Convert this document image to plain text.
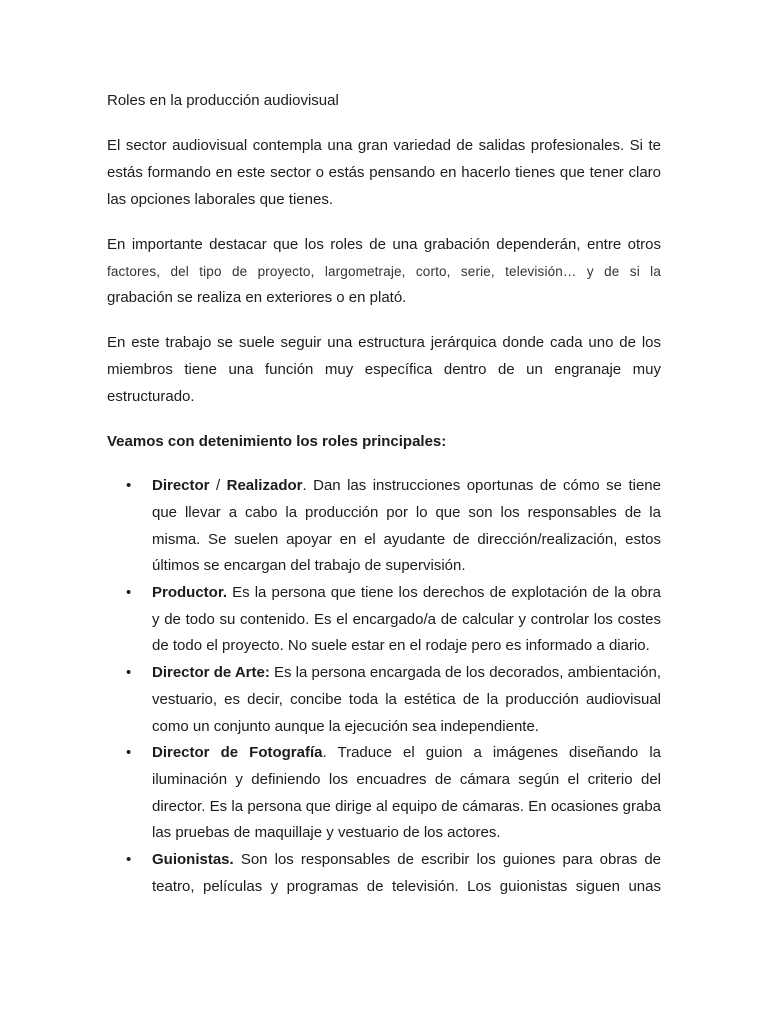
Roles en la producción audiovisual

El sector audiovisual contempla una gran variedad de salidas profesionales. Si te estás formando en este sector o estás pensando en hacerlo tienes que tener claro las opciones laborales que tienes.

En importante destacar que los roles de una grabación dependerán, entre otros
factores, del tipo de proyecto, largometraje, corto, serie, televisión… y de si la
grabación se realiza en exteriores o en plató.

En este trabajo se suele seguir una estructura jerárquica donde cada uno de los miembros tiene una función muy específica dentro de un engranaje muy estructurado.

Veamos con detenimiento los roles principales:

• Director / Realizador. Dan las instrucciones oportunas de cómo se tiene que llevar a cabo la producción por lo que son los responsables de la misma. Se suelen apoyar en el ayudante de dirección/realización, estos últimos se encargan del trabajo de supervisión.
• Productor. Es la persona que tiene los derechos de explotación de la obra y de todo su contenido. Es el encargado/a de calcular y controlar los costes de todo el proyecto. No suele estar en el rodaje pero es informado a diario.
• Director de Arte: Es la persona encargada de los decorados, ambientación, vestuario, es decir, concibe toda la estética de la producción audiovisual como un conjunto aunque la ejecución sea independiente.
• Director de Fotografía. Traduce el guion a imágenes diseñando la iluminación y definiendo los encuadres de cámara según el criterio del director. Es la persona que dirige al equipo de cámaras. En ocasiones graba las pruebas de maquillaje y vestuario de los actores.
• Guionistas. Son los responsables de escribir los guiones para obras de teatro, películas y programas de televisión. Los guionistas siguen unas
